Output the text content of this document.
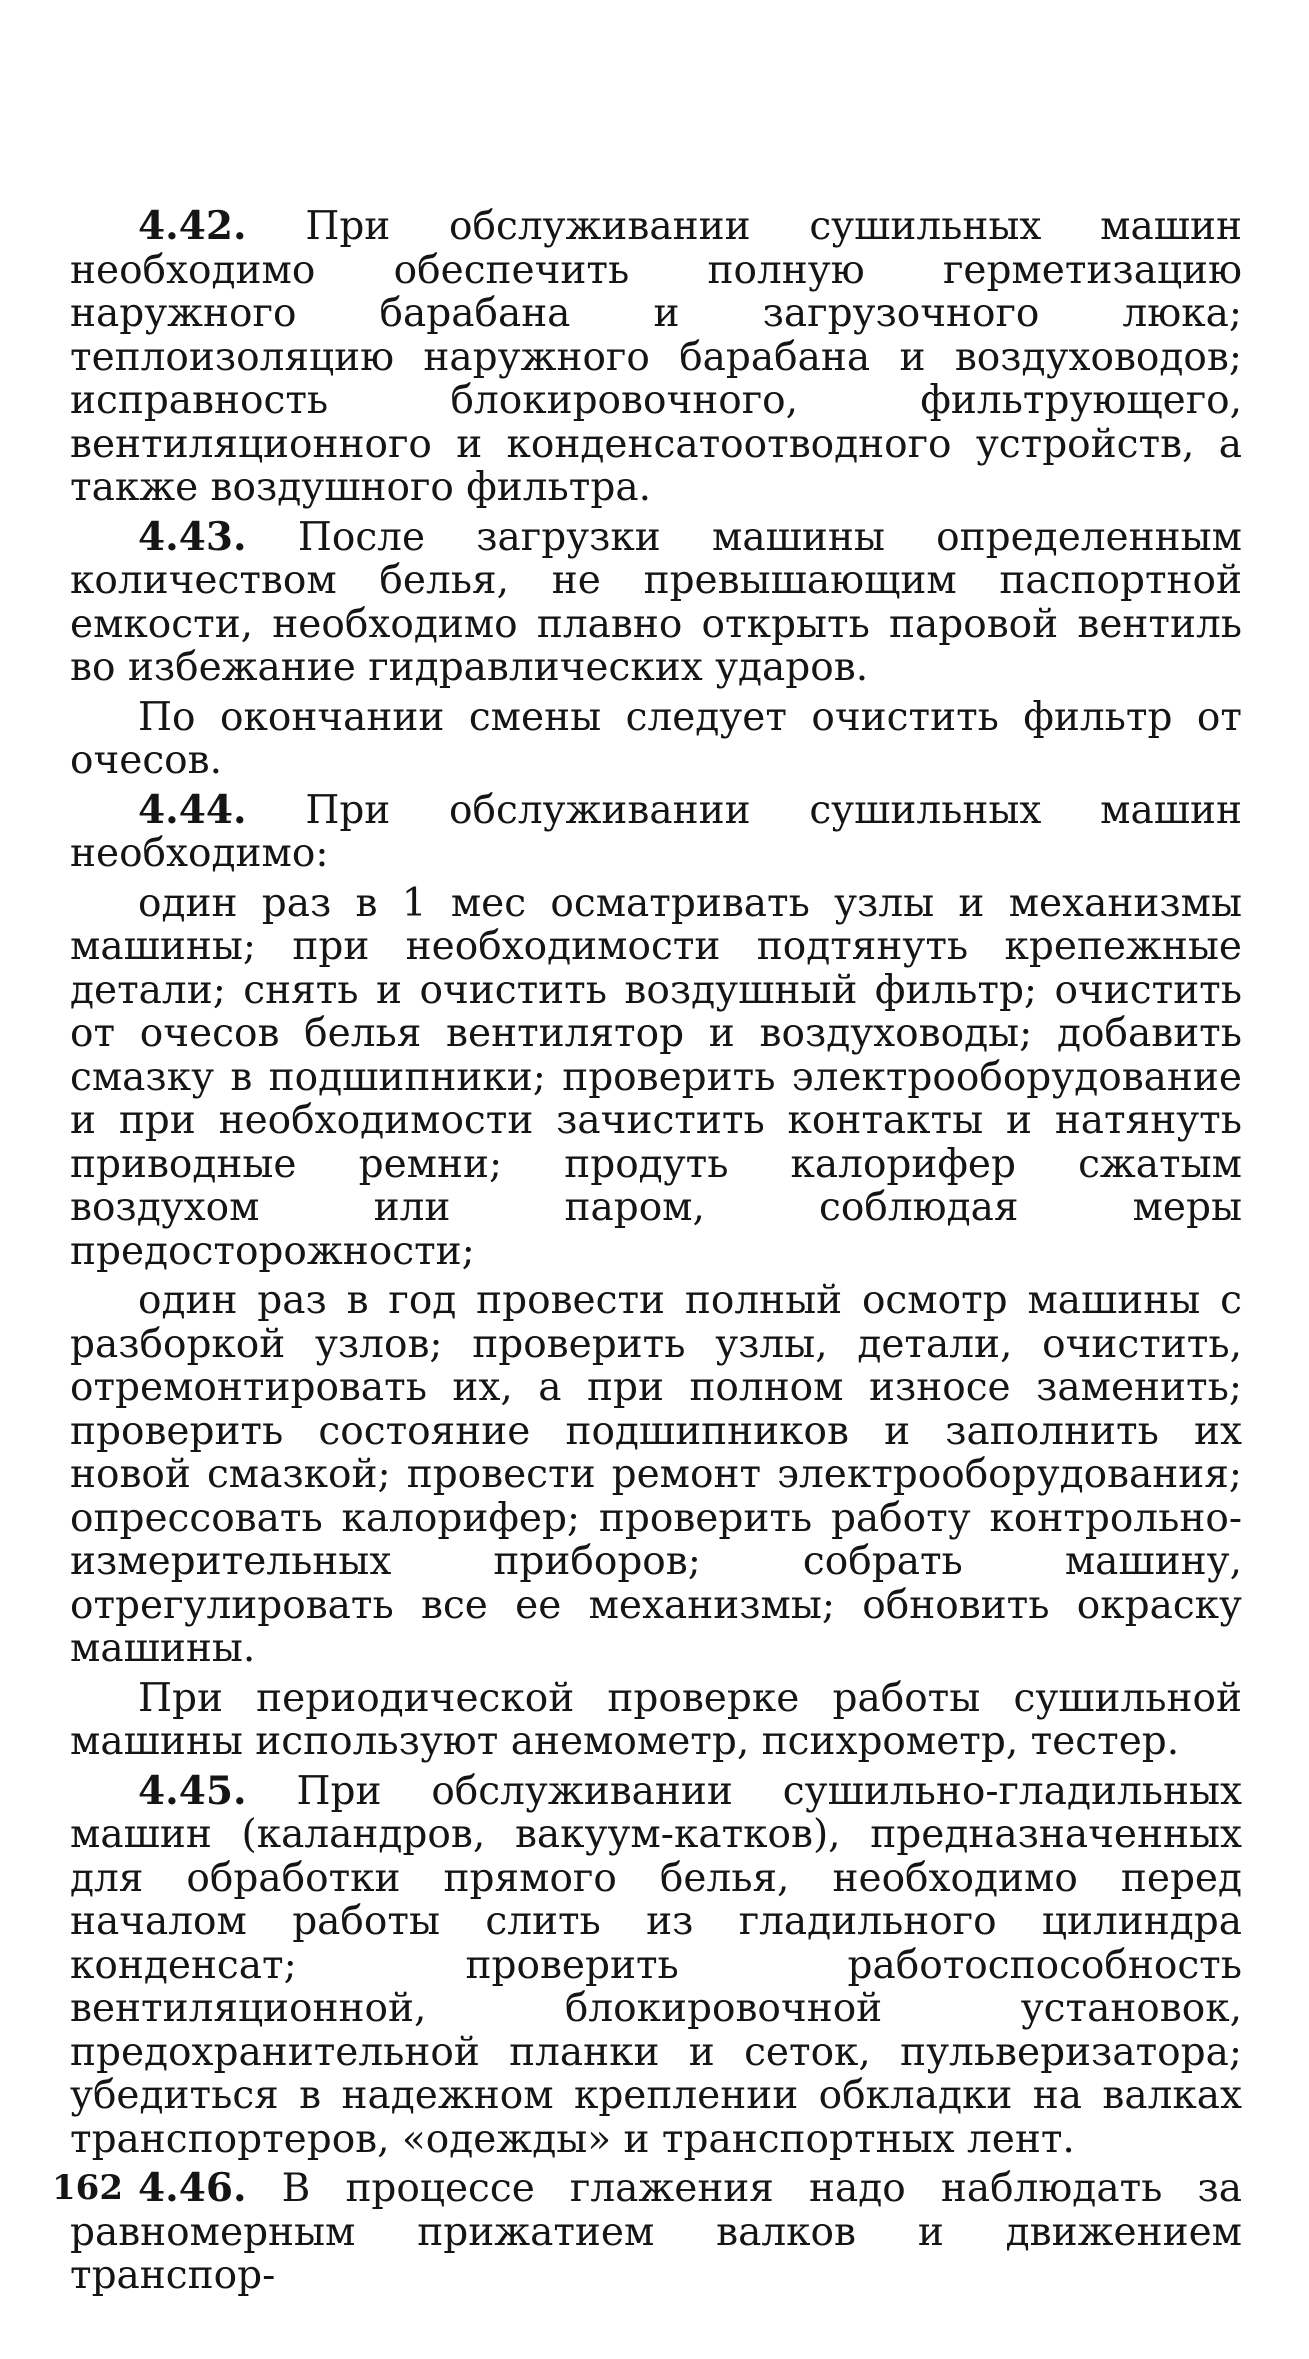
4.42. При обслуживании сушильных машин необходимо обеспечить полную герметизацию наружного барабана и загрузочного люка; теплоизоляцию наружного барабана и воздуховодов; исправность блокировочного, фильтрующего, вентиляционного и конденсатоотводного устройств, а также воздушного фильтра.

4.43. После загрузки машины определенным количеством белья, не превышающим паспортной емкости, необходимо плавно открыть паровой вентиль во избежание гидравлических ударов.

По окончании смены следует очистить фильтр от очесов.

4.44. При обслуживании сушильных машин необходимо:

один раз в 1 мес осматривать узлы и механизмы машины; при необходимости подтянуть крепежные детали; снять и очистить воздушный фильтр; очистить от очесов белья вентилятор и воздуховоды; добавить смазку в подшипники; проверить электрооборудование и при необходимости зачистить контакты и натянуть приводные ремни; продуть калорифер сжатым воздухом или паром, соблюдая меры предосторожности;

один раз в год провести полный осмотр машины с разборкой узлов; проверить узлы, детали, очистить, отремонтировать их, а при полном износе заменить; проверить состояние подшипников и заполнить их новой смазкой; провести ремонт электрооборудования; опрессовать калорифер; проверить работу контрольно-измерительных приборов; собрать машину, отрегулировать все ее механизмы; обновить окраску машины.

При периодической проверке работы сушильной машины используют анемометр, психрометр, тестер.

4.45. При обслуживании сушильно-гладильных машин (каландров, вакуум-катков), предназначенных для обработки прямого белья, необходимо перед началом работы слить из гладильного цилиндра конденсат; проверить работоспособность вентиляционной, блокировочной установок, предохранительной планки и сеток, пульверизатора; убедиться в надежном креплении обкладки на валках транспортеров, «одежды» и транспортных лент.

4.46. В процессе глажения надо наблюдать за равномерным прижатием валков и движением транспор-

162
